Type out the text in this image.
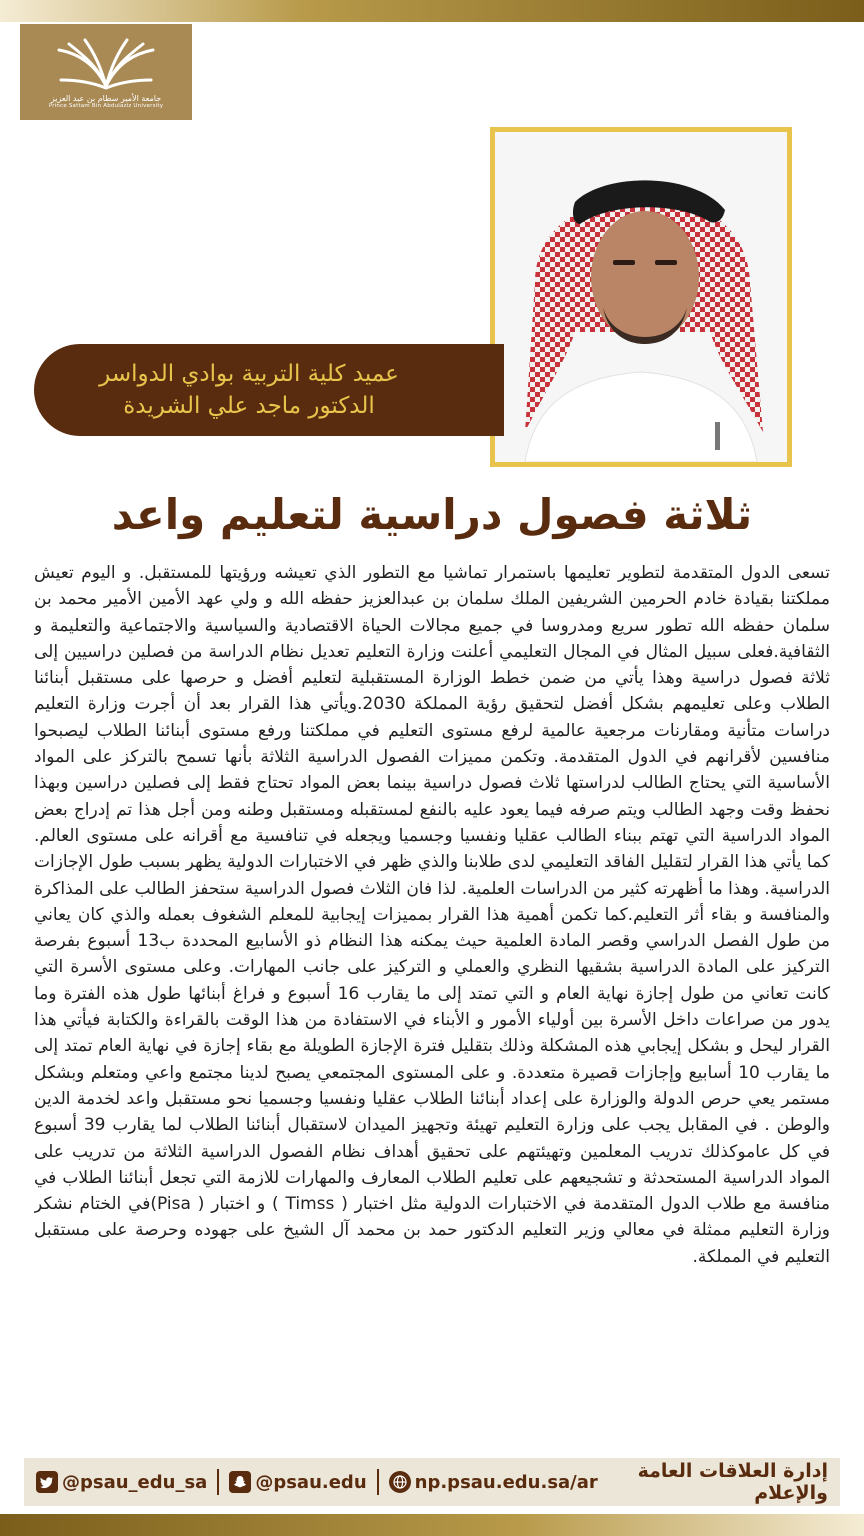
جامعة الأمير سطام بن عبد العزيز
Prince Sattam Bin Abdulaziz University
عميد كلية التربية بوادي الدواسر
الدكتور ماجد علي الشريدة
ثلاثة فصول دراسية لتعليم واعد
تسعى الدول المتقدمة لتطوير تعليمها باستمرار تماشيا مع التطور الذي تعيشه ورؤيتها للمستقبل. و اليوم تعيش مملكتنا بقيادة خادم الحرمين الشريفين الملك سلمان بن عبدالعزيز حفظه الله و ولي عهد الأمين الأمير محمد بن سلمان حفظه الله تطور سريع ومدروسا في جميع مجالات الحياة الاقتصادية والسياسية والاجتماعية والتعليمة و الثقافية.فعلى سبيل المثال في المجال التعليمي أعلنت وزارة التعليم تعديل نظام الدراسة من فصلين دراسيين إلى ثلاثة فصول دراسية وهذا يأتي من ضمن خطط الوزارة المستقبلية لتعليم أفضل و حرصها على مستقبل أبنائنا الطلاب وعلى تعليمهم بشكل أفضل لتحقيق رؤية المملكة 2030.ويأتي هذا القرار بعد أن أجرت وزارة التعليم دراسات متأنية ومقارنات مرجعية عالمية لرفع مستوى التعليم في مملكتنا ورفع مستوى أبنائنا الطلاب ليصبحوا منافسين لأقرانهم في الدول المتقدمة. وتكمن مميزات الفصول الدراسية الثلاثة بأنها تسمح بالتركز على المواد الأساسية التي يحتاج الطالب لدراستها ثلاث فصول دراسية بينما بعض المواد تحتاج فقط إلى فصلين دراسين وبهذا نحفظ وقت وجهد الطالب ويتم صرفه فيما يعود عليه بالنفع لمستقبله ومستقبل وطنه ومن أجل هذا تم إدراج بعض المواد الدراسية التي تهتم ببناء الطالب عقليا ونفسيا وجسميا ويجعله في تنافسية مع أقرانه على مستوى العالم. كما يأتي هذا القرار لتقليل الفاقد التعليمي لدى طلابنا والذي ظهر في الاختبارات الدولية يظهر بسبب طول الإجازات الدراسية. وهذا ما أظهرته كثير من الدراسات العلمية. لذا فان الثلاث فصول الدراسية ستحفز الطالب على المذاكرة والمنافسة و بقاء أثر التعليم.كما تكمن أهمية هذا القرار بمميزات إيجابية للمعلم الشغوف بعمله والذي كان يعاني من طول الفصل الدراسي وقصر المادة العلمية حيث يمكنه هذا النظام ذو الأسابيع المحددة ب13 أسبوع بفرصة التركيز على المادة الدراسية بشقيها النظري والعملي و التركيز على جانب المهارات. وعلى مستوى الأسرة التي كانت تعاني من طول إجازة نهاية العام و التي تمتد إلى ما يقارب 16 أسبوع و فراغ أبنائها طول هذه الفترة وما يدور من صراعات داخل الأسرة بين أولياء الأمور و الأبناء في الاستفادة من هذا الوقت بالقراءة والكتابة فيأتي هذا القرار ليحل و بشكل إيجابي هذه المشكلة وذلك بتقليل فترة الإجازة الطويلة مع بقاء إجازة في نهاية العام تمتد إلى ما يقارب 10 أسابيع وإجازات قصيرة متعددة. و على المستوى المجتمعي يصبح لدينا مجتمع واعي ومتعلم وبشكل مستمر يعي حرص الدولة والوزارة على إعداد أبنائنا الطلاب عقليا ونفسيا وجسميا نحو مستقبل واعد لخدمة الدين والوطن . في المقابل يجب على وزارة التعليم تهيئة وتجهيز الميدان لاستقبال أبنائنا الطلاب لما يقارب 39 أسبوع في كل عاموكذلك تدريب المعلمين وتهيئتهم على تحقيق أهداف نظام الفصول الدراسية الثلاثة من تدريب على المواد الدراسية المستحدثة و تشجيعهم على تعليم الطلاب المعارف والمهارات للازمة التي تجعل أبنائنا الطلاب في منافسة مع طلاب الدول المتقدمة في الاختبارات الدولية مثل اختبار ( Timss ) و اختبار ( Pisa)في الختام نشكر وزارة التعليم ممثلة في معالي وزير التعليم الدكتور حمد بن محمد آل الشيخ على جهوده وحرصة على مستقبل التعليم في المملكة.
@psau_edu_sa	@psau.edu	np.psau.edu.sa/ar	إدارة العلاقات العامة والإعلام
